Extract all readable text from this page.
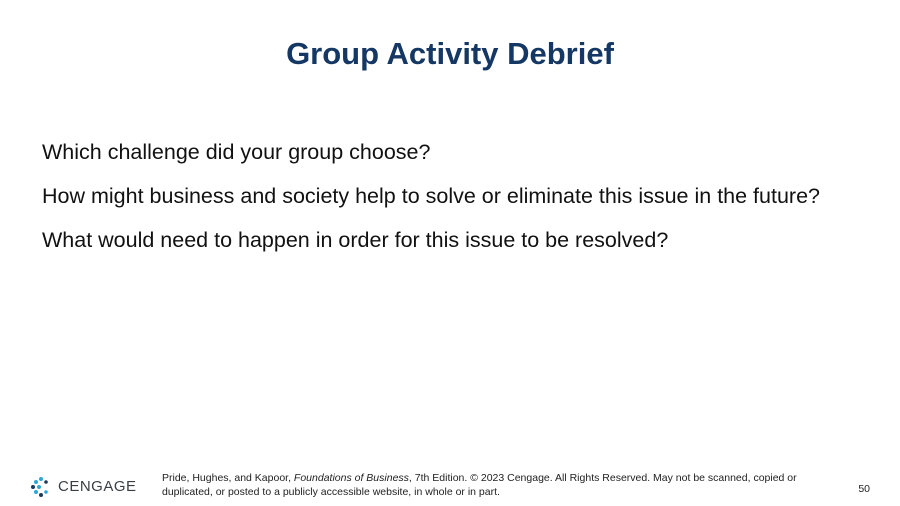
Group Activity Debrief
Which challenge did your group choose?
How might business and society help to solve or eliminate this issue in the future?
What would need to happen in order for this issue to be resolved?
CENGAGE Pride, Hughes, and Kapoor, Foundations of Business, 7th Edition. © 2023 Cengage. All Rights Reserved. May not be scanned, copied or duplicated, or posted to a publicly accessible website, in whole or in part.	50
